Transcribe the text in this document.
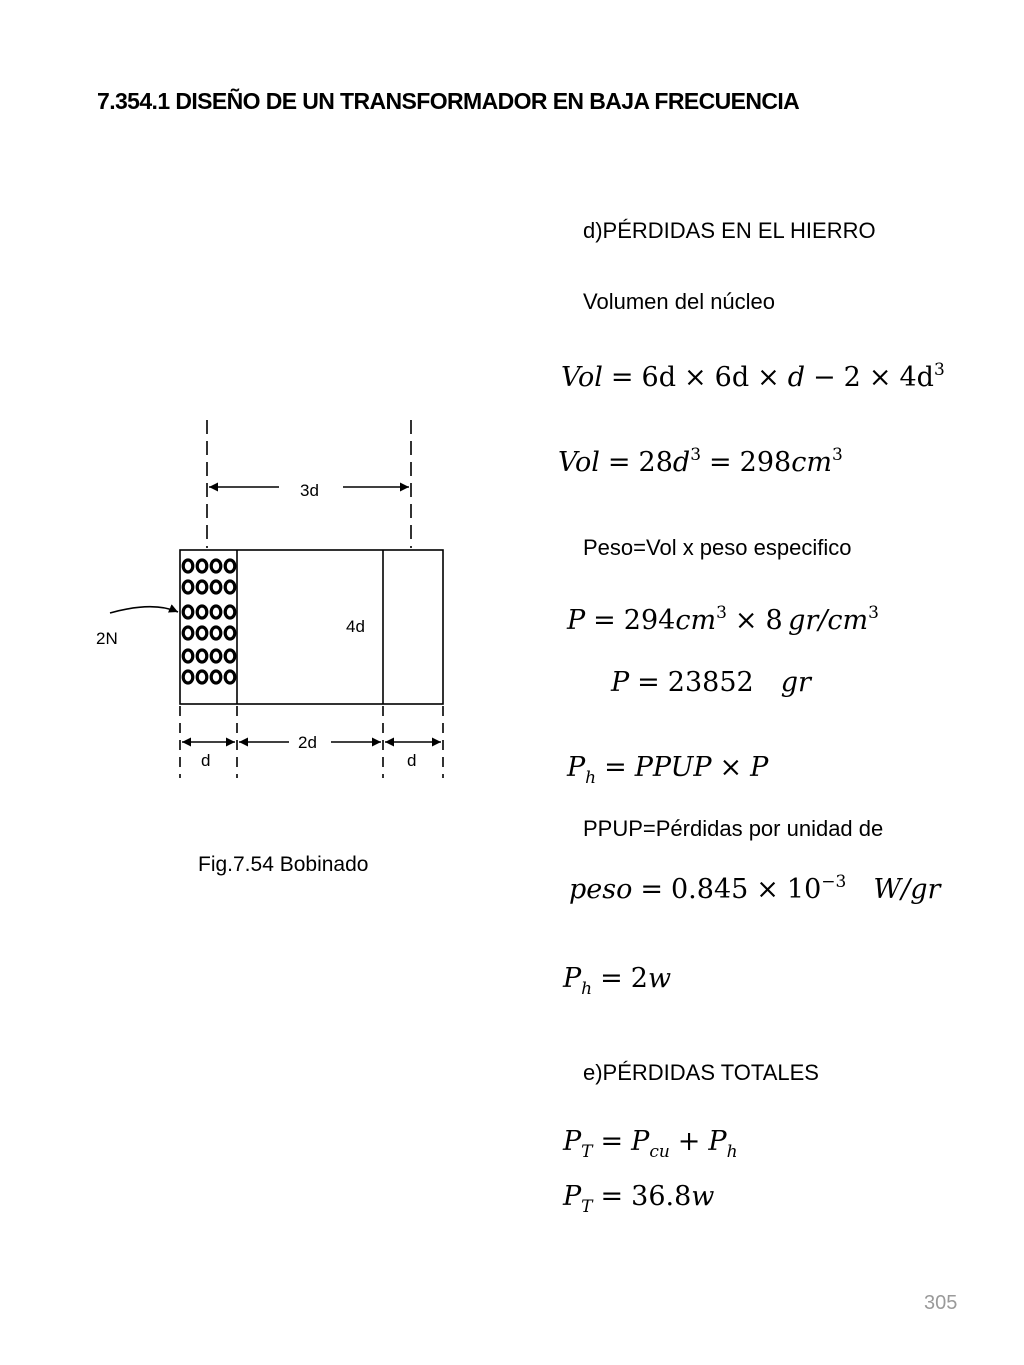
7.354.1 DISEÑO DE UN TRANSFORMADOR EN BAJA FRECUENCIA
3d
4d
2N
2d
d	d
Fig.7.54 Bobinado
d)PÉRDIDAS EN EL HIERRO
Volumen del núcleo
Vol = $6d \times 6d \times d - 2 \times 4d^3$
Vol = $28d^3 = 298cm^3$
Peso=Vol x peso especifico
$P = 294cm^3 \times 8$  $gr/cm^3$
P = 23852  gr
$P_h$ = PPUP × P
PPUP=Pérdidas por unidad de
peso = $0.845 \times 10^{-3}$  W/gr
$P_h = 2w$
e)PÉRDIDAS TOTALES
$P_T = P_{cu} + P_h$
$P_T = 36.8w$
305
